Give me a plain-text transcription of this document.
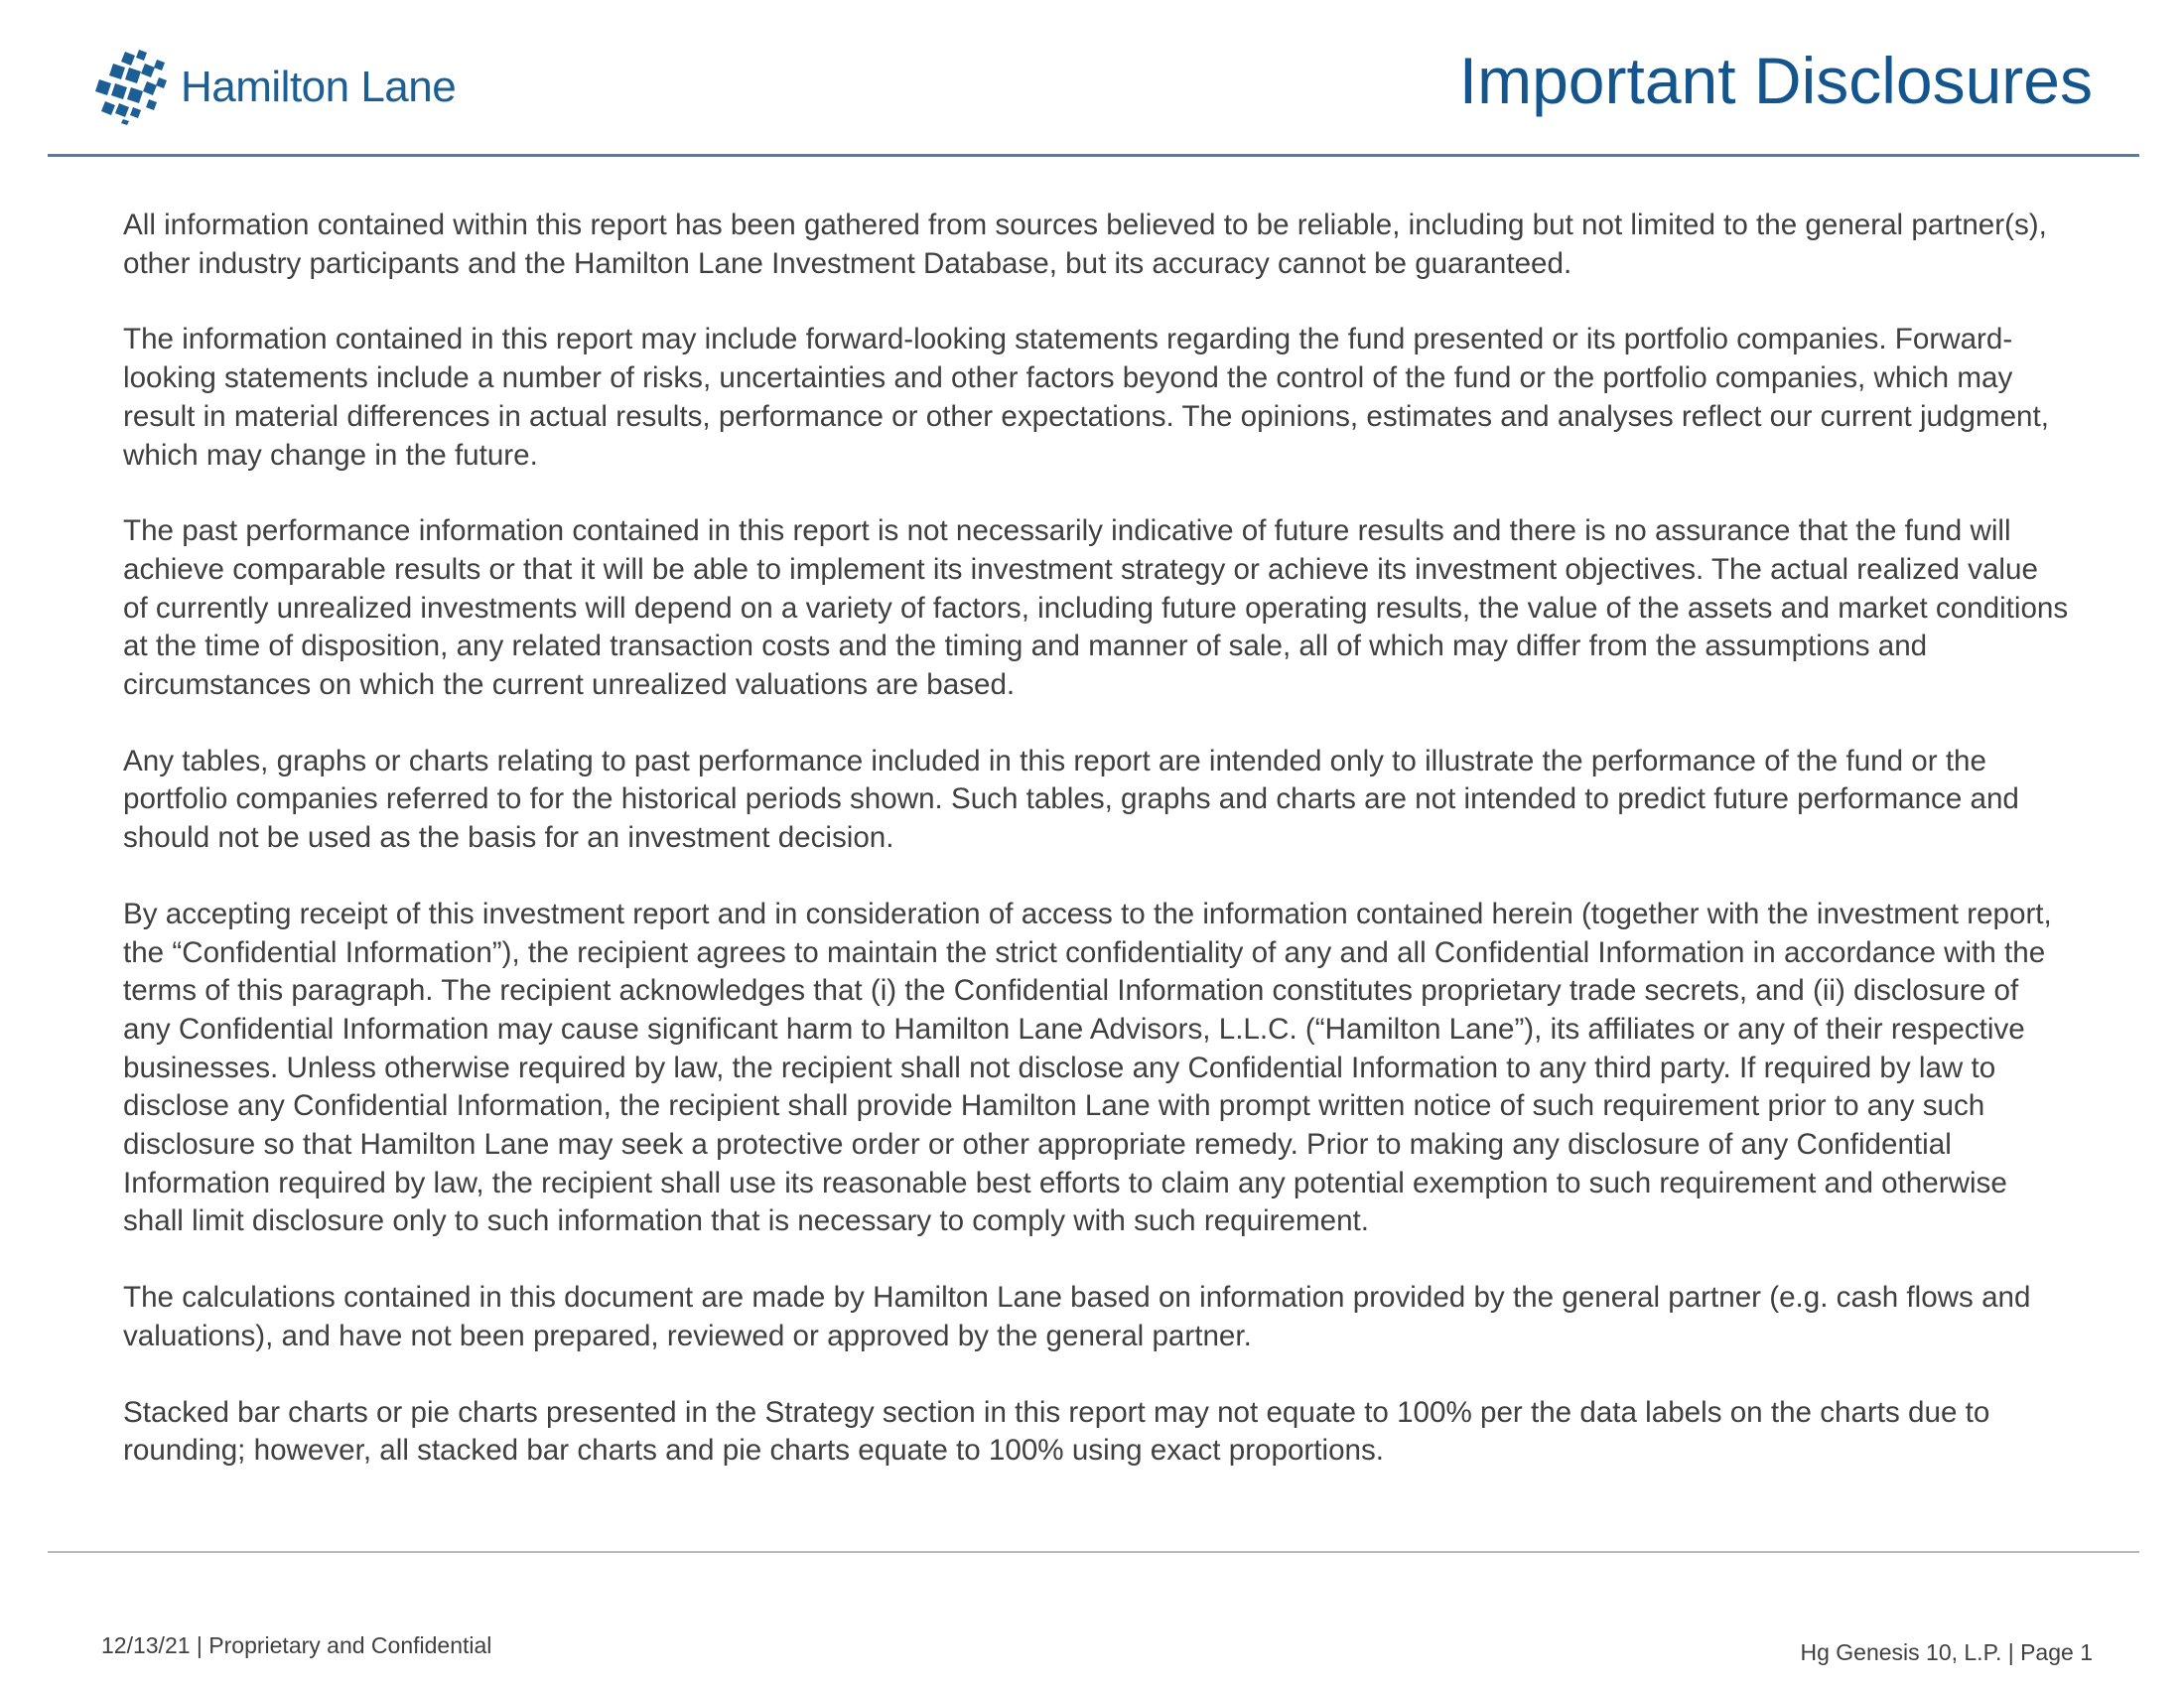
Hamilton Lane	Important Disclosures

All information contained within this report has been gathered from sources believed to be reliable, including but not limited to the general partner(s), other industry participants and the Hamilton Lane Investment Database, but its accuracy cannot be guaranteed.

The information contained in this report may include forward-looking statements regarding the fund presented or its portfolio companies. Forward-looking statements include a number of risks, uncertainties and other factors beyond the control of the fund or the portfolio companies, which may result in material differences in actual results, performance or other expectations. The opinions, estimates and analyses reflect our current judgment, which may change in the future.

The past performance information contained in this report is not necessarily indicative of future results and there is no assurance that the fund will achieve comparable results or that it will be able to implement its investment strategy or achieve its investment objectives. The actual realized value of currently unrealized investments will depend on a variety of factors, including future operating results, the value of the assets and market conditions at the time of disposition, any related transaction costs and the timing and manner of sale, all of which may differ from the assumptions and circumstances on which the current unrealized valuations are based.

Any tables, graphs or charts relating to past performance included in this report are intended only to illustrate the performance of the fund or the portfolio companies referred to for the historical periods shown. Such tables, graphs and charts are not intended to predict future performance and should not be used as the basis for an investment decision.

By accepting receipt of this investment report and in consideration of access to the information contained herein (together with the investment report, the “Confidential Information”), the recipient agrees to maintain the strict confidentiality of any and all Confidential Information in accordance with the terms of this paragraph. The recipient acknowledges that (i) the Confidential Information constitutes proprietary trade secrets, and (ii) disclosure of any Confidential Information may cause significant harm to Hamilton Lane Advisors, L.L.C. (“Hamilton Lane”), its affiliates or any of their respective businesses. Unless otherwise required by law, the recipient shall not disclose any Confidential Information to any third party. If required by law to disclose any Confidential Information, the recipient shall provide Hamilton Lane with prompt written notice of such requirement prior to any such disclosure so that Hamilton Lane may seek a protective order or other appropriate remedy. Prior to making any disclosure of any Confidential Information required by law, the recipient shall use its reasonable best efforts to claim any potential exemption to such requirement and otherwise shall limit disclosure only to such information that is necessary to comply with such requirement.

The calculations contained in this document are made by Hamilton Lane based on information provided by the general partner (e.g. cash flows and valuations), and have not been prepared, reviewed or approved by the general partner.

Stacked bar charts or pie charts presented in the Strategy section in this report may not equate to 100% per the data labels on the charts due to rounding; however, all stacked bar charts and pie charts equate to 100% using exact proportions.

12/13/21 | Proprietary and Confidential	Hg Genesis 10, L.P. | Page 1
